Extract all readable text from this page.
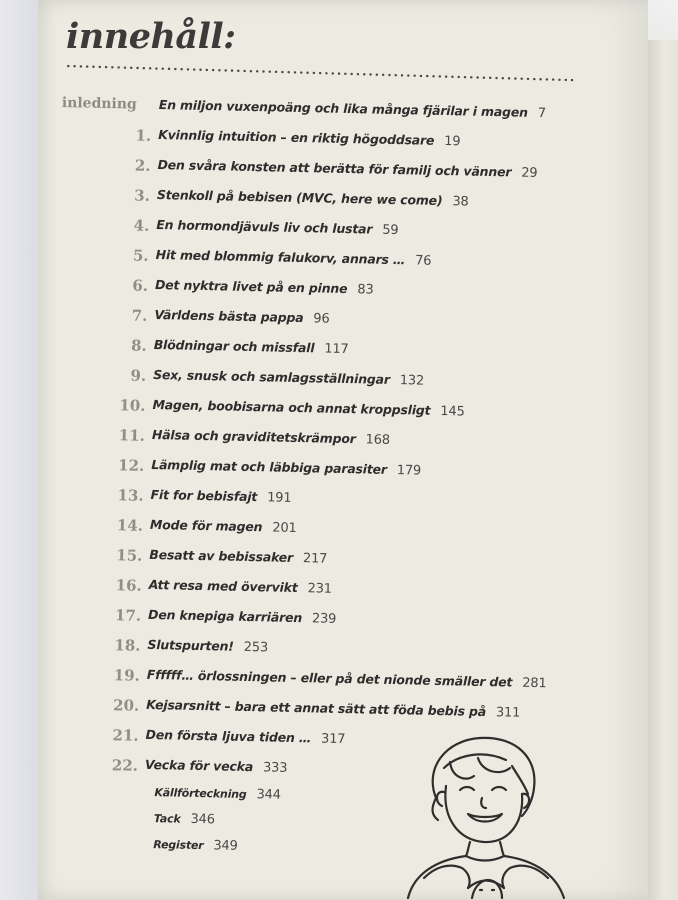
innehåll:
inledning En miljon vuxenpoäng och lika många fjärilar i magen 7
1. Kvinnlig intuition – en riktig högoddsare 19
2. Den svåra konsten att berätta för familj och vänner 29
3. Stenkoll på bebisen (MVC, here we come) 38
4. En hormondjävuls liv och lustar 59
5. Hit med blommig falukorv, annars … 76
6. Det nyktra livet på en pinne 83
7. Världens bästa pappa 96
8. Blödningar och missfall 117
9. Sex, snusk och samlagsställningar 132
10. Magen, boobisarna och annat kroppsligt 145
11. Hälsa och graviditetskrämpor 168
12. Lämplig mat och läbbiga parasiter 179
13. Fit for bebisfajt 191
14. Mode för magen 201
15. Besatt av bebissaker 217
16. Att resa med övervikt 231
17. Den knepiga karriären 239
18. Slutspurten! 253
19. Ffffff… örlossningen – eller på det nionde smäller det 281
20. Kejsarsnitt – bara ett annat sätt att föda bebis på 311
21. Den första ljuva tiden … 317
22. Vecka för vecka 333
Källförteckning 344
Tack 346
Register 349
